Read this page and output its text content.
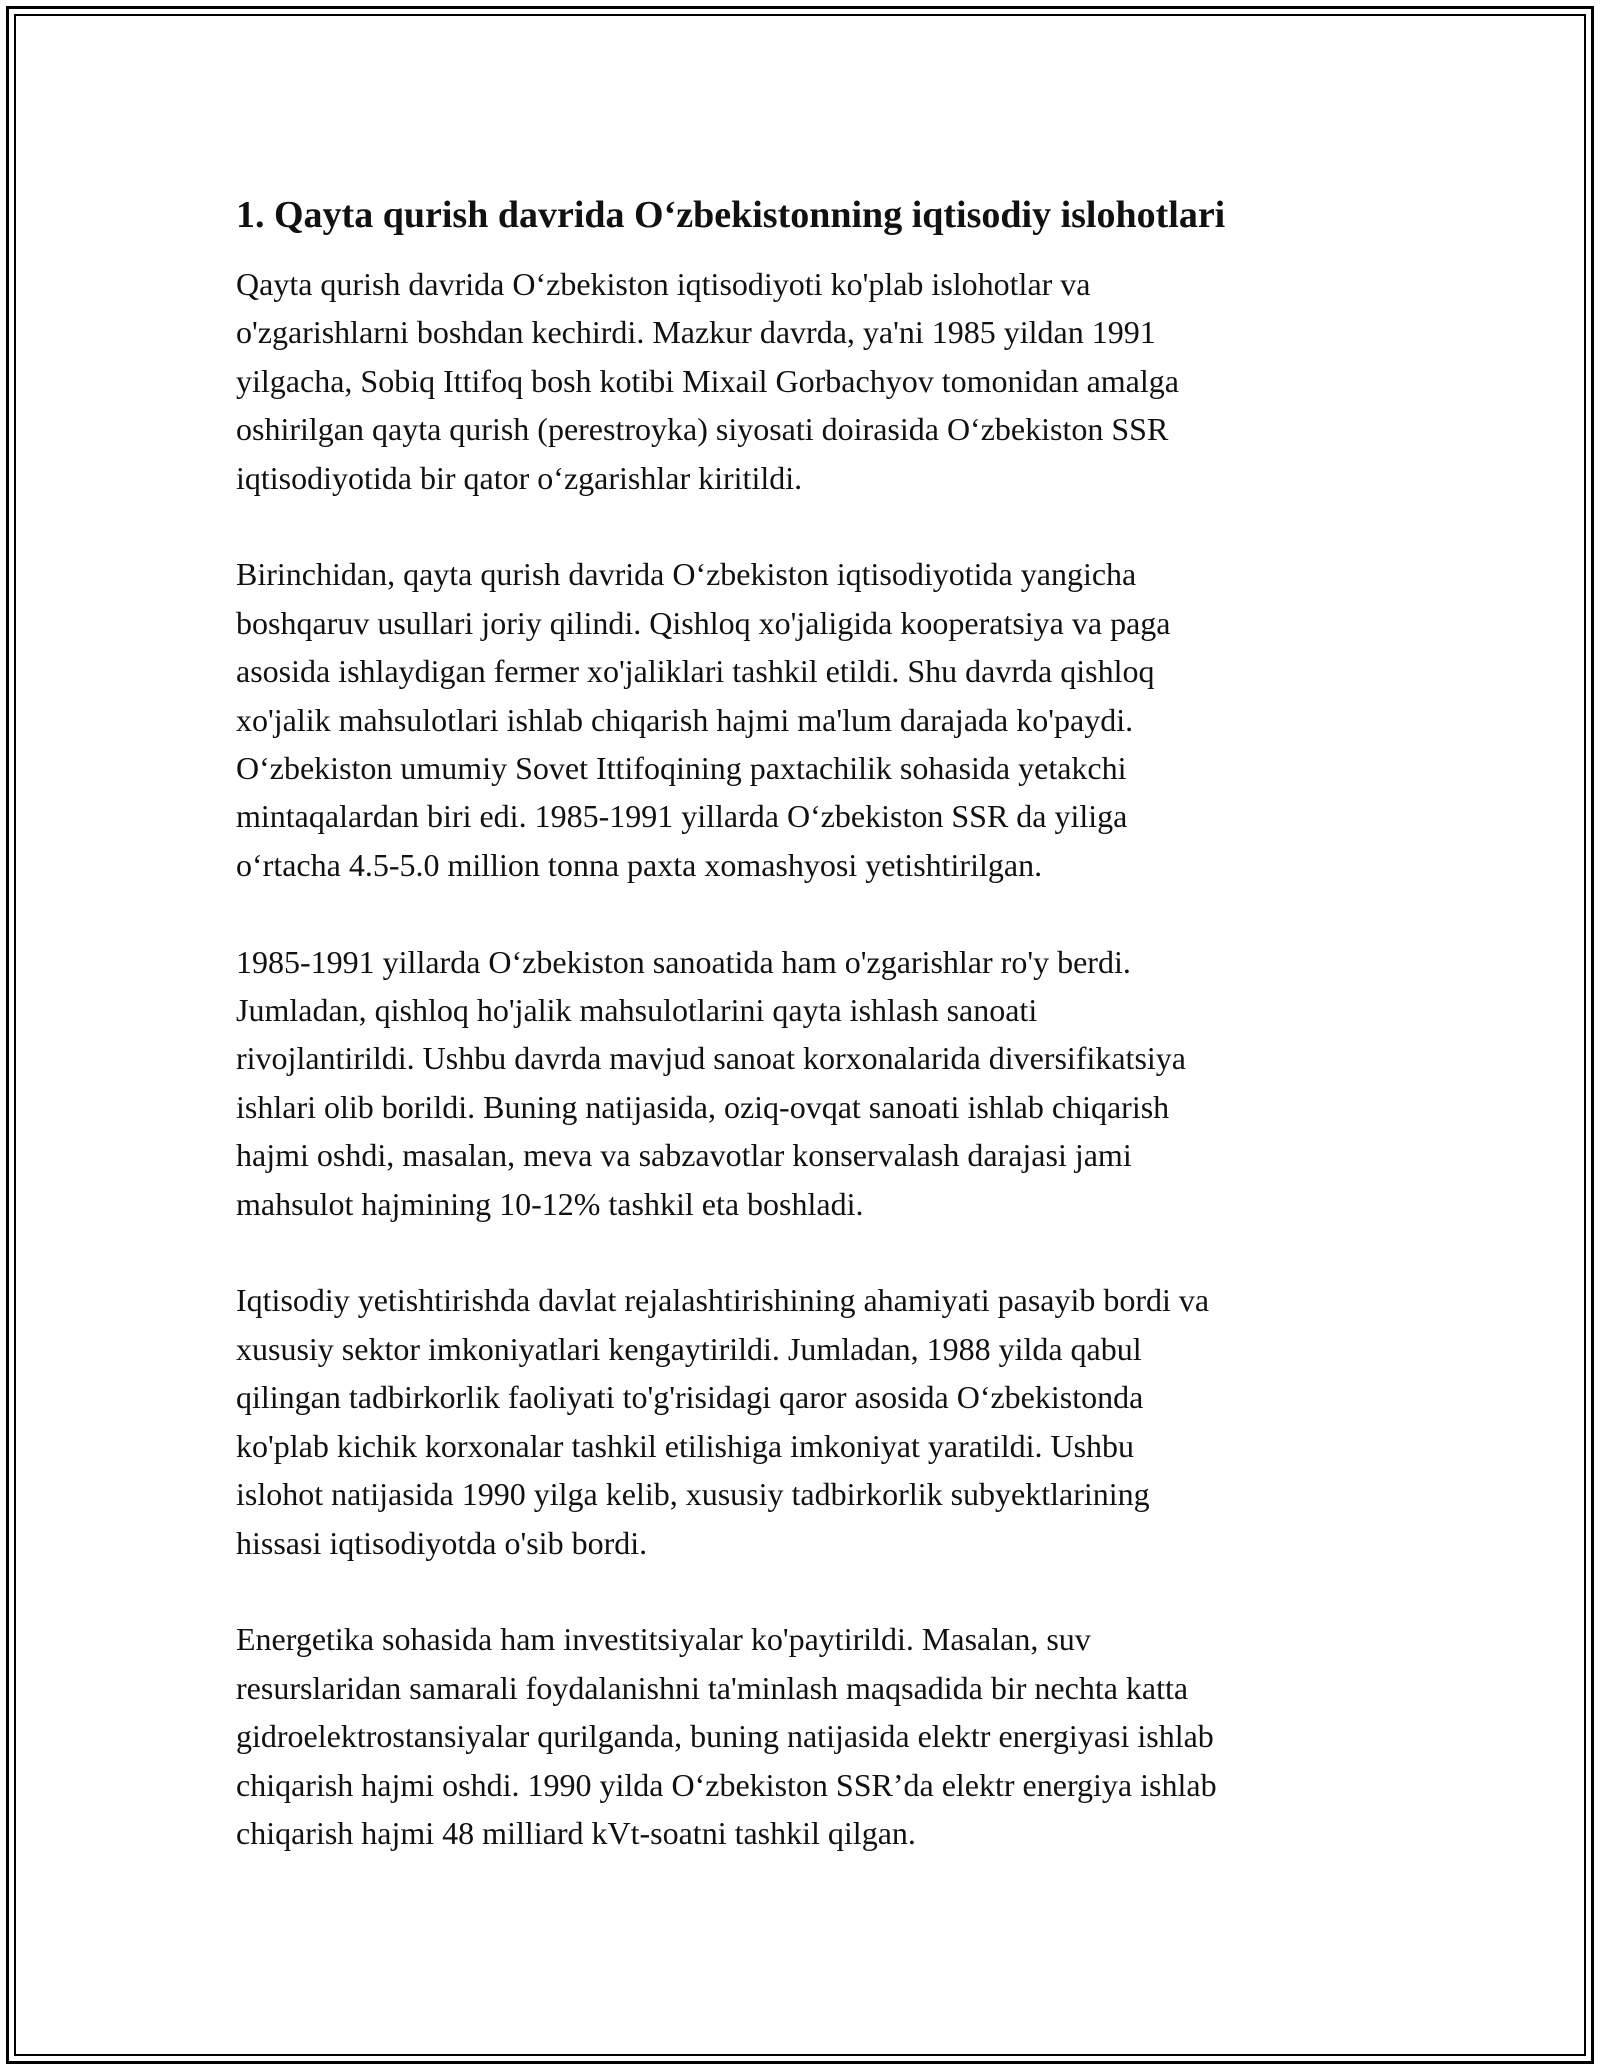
1. Qayta qurish davrida O‘zbekistonning iqtisodiy islohotlari

Qayta qurish davrida O‘zbekiston iqtisodiyoti ko'plab islohotlar va
o'zgarishlarni boshdan kechirdi. Mazkur davrda, ya'ni 1985 yildan 1991
yilgacha, Sobiq Ittifoq bosh kotibi Mixail Gorbachyov tomonidan amalga
oshirilgan qayta qurish (perestroyka) siyosati doirasida O‘zbekiston SSR
iqtisodiyotida bir qator o‘zgarishlar kiritildi.

Birinchidan, qayta qurish davrida O‘zbekiston iqtisodiyotida yangicha
boshqaruv usullari joriy qilindi. Qishloq xo'jaligida kooperatsiya va paga
asosida ishlaydigan fermer xo'jaliklari tashkil etildi. Shu davrda qishloq
xo'jalik mahsulotlari ishlab chiqarish hajmi ma'lum darajada ko'paydi.
O‘zbekiston umumiy Sovet Ittifoqining paxtachilik sohasida yetakchi
mintaqalardan biri edi. 1985-1991 yillarda O‘zbekiston SSR da yiliga
o‘rtacha 4.5-5.0 million tonna paxta xomashyosi yetishtirilgan.

1985-1991 yillarda O‘zbekiston sanoatida ham o'zgarishlar ro'y berdi.
Jumladan, qishloq ho'jalik mahsulotlarini qayta ishlash sanoati
rivojlantirildi. Ushbu davrda mavjud sanoat korxonalarida diversifikatsiya
ishlari olib borildi. Buning natijasida, oziq-ovqat sanoati ishlab chiqarish
hajmi oshdi, masalan, meva va sabzavotlar konservalash darajasi jami
mahsulot hajmining 10-12% tashkil eta boshladi.

Iqtisodiy yetishtirishda davlat rejalashtirishining ahamiyati pasayib bordi va
xususiy sektor imkoniyatlari kengaytirildi. Jumladan, 1988 yilda qabul
qilingan tadbirkorlik faoliyati to'g'risidagi qaror asosida O‘zbekistonda
ko'plab kichik korxonalar tashkil etilishiga imkoniyat yaratildi. Ushbu
islohot natijasida 1990 yilga kelib, xususiy tadbirkorlik subyektlarining
hissasi iqtisodiyotda o'sib bordi.

Energetika sohasida ham investitsiyalar ko'paytirildi. Masalan, suv
resurslaridan samarali foydalanishni ta'minlash maqsadida bir nechta katta
gidroelektrostansiyalar qurilganda, buning natijasida elektr energiyasi ishlab
chiqarish hajmi oshdi. 1990 yilda O‘zbekiston SSR’da elektr energiya ishlab
chiqarish hajmi 48 milliard kVt-soatni tashkil qilgan.
